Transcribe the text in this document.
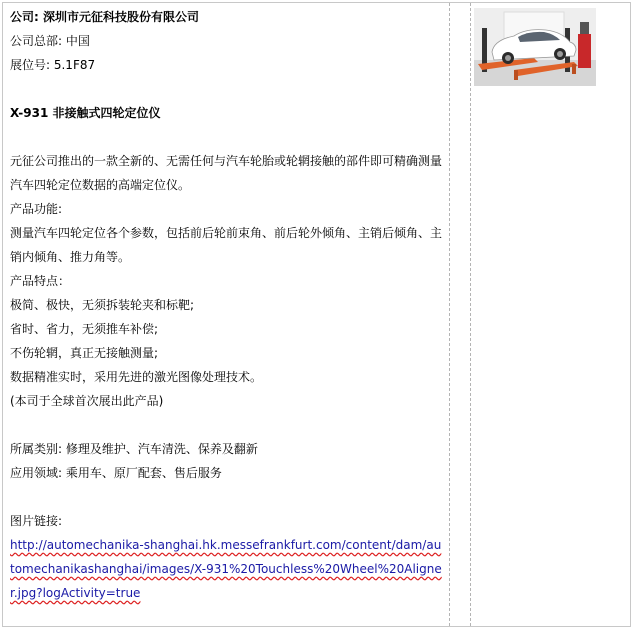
公司: 深圳市元征科技股份有限公司

公司总部: 中国

展位号: 5.1F87

X-931 非接触式四轮定位仪

元征公司推出的一款全新的、无需任何与汽车轮胎或轮辋接触的部件即可精确测量汽车四轮定位数据的高端定位仪。

产品功能:

测量汽车四轮定位各个参数，包括前后轮前束角、前后轮外倾角、主销后倾角、主销内倾角、推力角等。

产品特点：

极简、极快，无须拆装轮夹和标靶;

省时、省力，无须推车补偿;

不伤轮辋，真正无接触测量;

数据精准实时，采用先进的激光图像处理技术。

(本司于全球首次展出此产品)

所属类别: 修理及维护、汽车清洗、保养及翻新

应用领域: 乘用车、原厂配套、售后服务

图片链接:

http://automechanika-shanghai.hk.messefrankfurt.com/content/dam/automechanikashanghai/images/X-931%20Touchless%20Wheel%20Aligner.jpg?logActivity=true
